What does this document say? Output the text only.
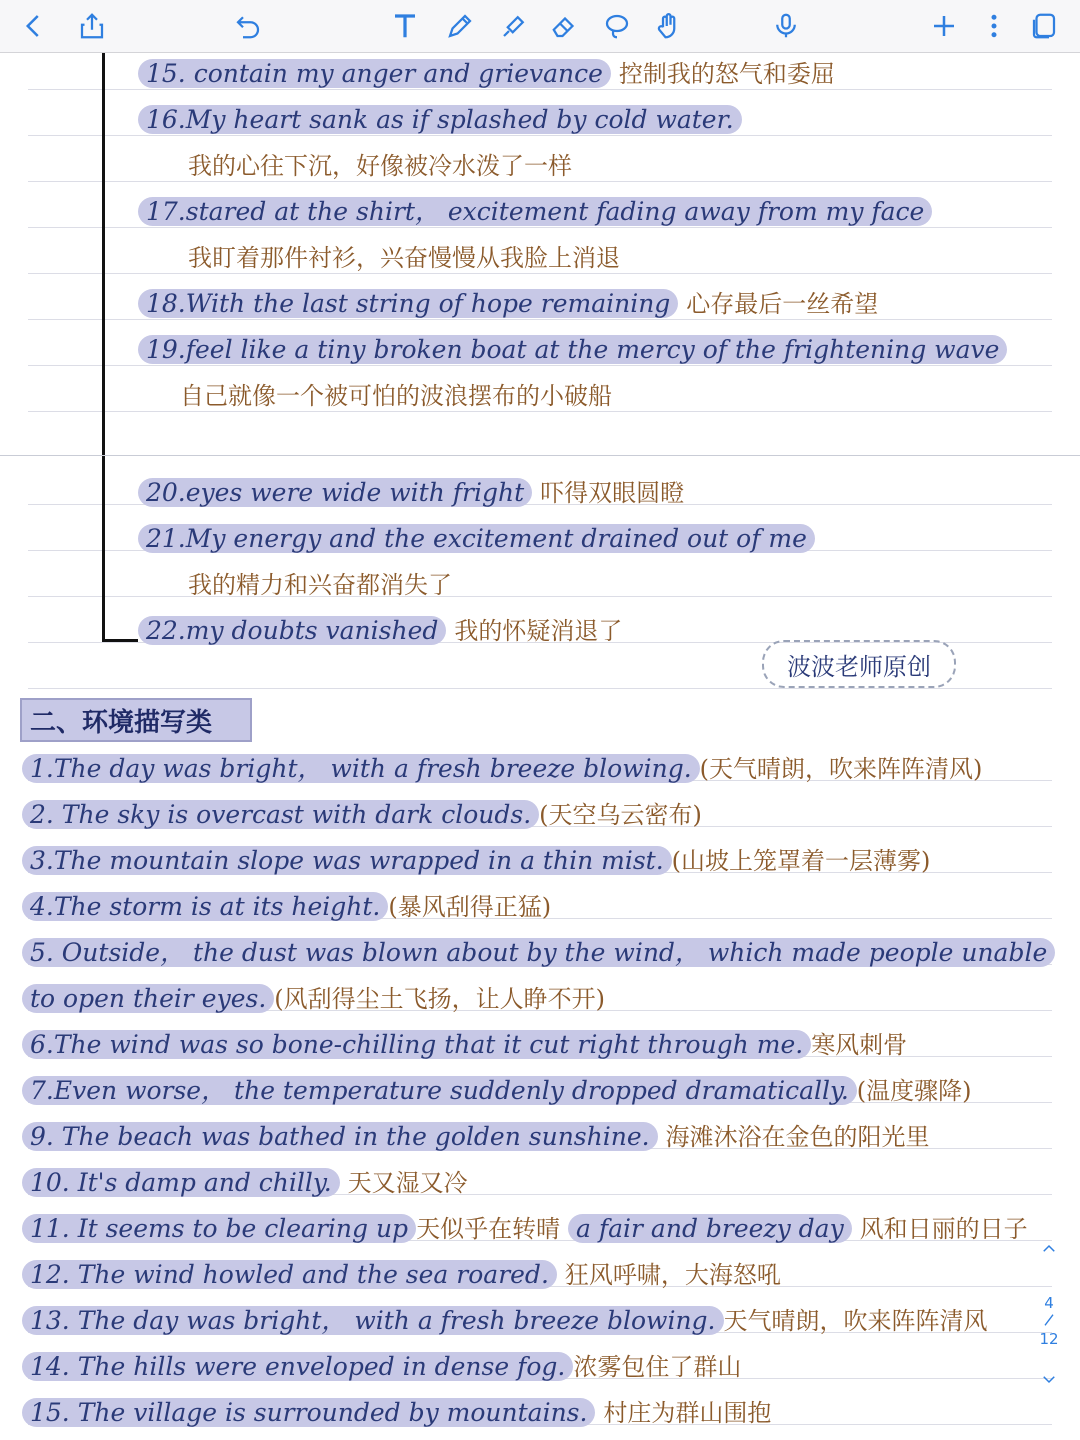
15. contain my anger and grievance 控制我的怒气和委屈
16.My heart sank as if splashed by cold water.
我的心往下沉，好像被冷水泼了一样
17.stared at the shirt， excitement fading away from my face
我盯着那件衬衫，兴奋慢慢从我脸上消退
18.With the last string of hope remaining 心存最后一丝希望
19.feel like a tiny broken boat at the mercy of the frightening wave
自己就像一个被可怕的波浪摆布的小破船
20.eyes were wide with fright 吓得双眼圆瞪
21.My energy and the excitement drained out of me
我的精力和兴奋都消失了
22.my doubts vanished 我的怀疑消退了
波波老师原创
二、环境描写类
1.The day was bright， with a fresh breeze blowing. (天气晴朗，吹来阵阵清风)
2. The sky is overcast with dark clouds. (天空乌云密布)
3.The mountain slope was wrapped in a thin mist. (山坡上笼罩着一层薄雾)
4.The storm is at its height. (暴风刮得正猛)
5. Outside， the dust was blown about by the wind， which made people unable
to open their eyes. (风刮得尘土飞扬，让人睁不开)
6.The wind was so bone-chilling that it cut right through me. 寒风刺骨
7.Even worse， the temperature suddenly dropped dramatically. (温度骤降)
9. The beach was bathed in the golden sunshine. 海滩沐浴在金色的阳光里
10. It's damp and chilly. 天又湿又冷
11. It seems to be clearing up 天似乎在转晴 a fair and breezy day 风和日丽的日子
12. The wind howled and the sea roared. 狂风呼啸，大海怒吼
13. The day was bright， with a fresh breeze blowing. 天气晴朗，吹来阵阵清风
14. The hills were enveloped in dense fog. 浓雾包住了群山
15. The village is surrounded by mountains. 村庄为群山围抱
4
12
